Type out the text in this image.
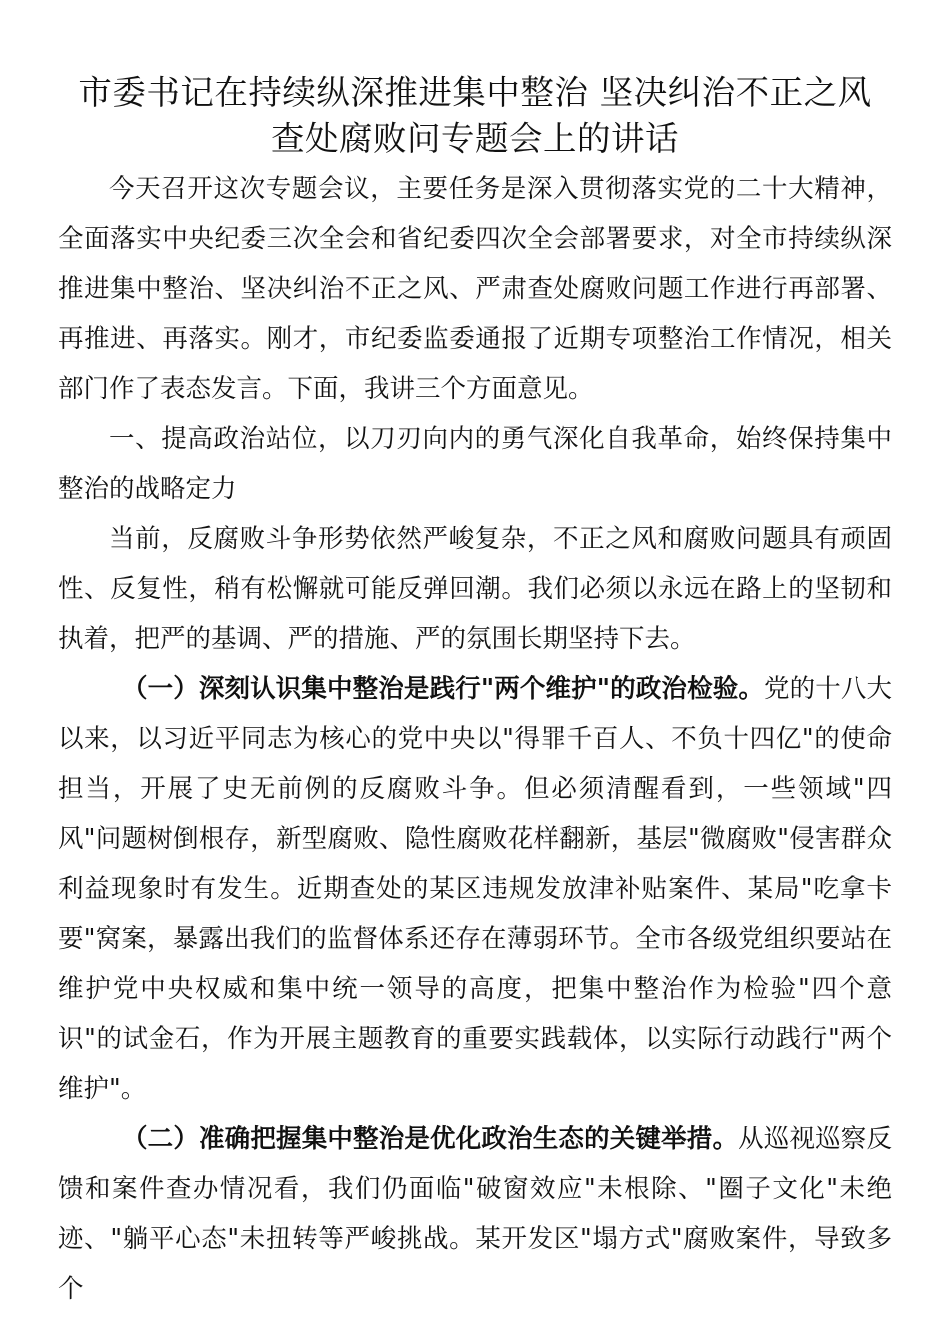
市委书记在持续纵深推进集中整治 坚决纠治不正之风
查处腐败问专题会上的讲话

今天召开这次专题会议，主要任务是深入贯彻落实党的二十大精神，全面落实中央纪委三次全会和省纪委四次全会部署要求，对全市持续纵深推进集中整治、坚决纠治不正之风、严肃查处腐败问题工作进行再部署、再推进、再落实。刚才，市纪委监委通报了近期专项整治工作情况，相关部门作了表态发言。下面，我讲三个方面意见。

一、提高政治站位，以刀刃向内的勇气深化自我革命，始终保持集中整治的战略定力

当前，反腐败斗争形势依然严峻复杂，不正之风和腐败问题具有顽固性、反复性，稍有松懈就可能反弹回潮。我们必须以永远在路上的坚韧和执着，把严的基调、严的措施、严的氛围长期坚持下去。

（一）深刻认识集中整治是践行"两个维护"的政治检验。党的十八大以来，以习近平同志为核心的党中央以"得罪千百人、不负十四亿"的使命担当，开展了史无前例的反腐败斗争。但必须清醒看到，一些领域"四风"问题树倒根存，新型腐败、隐性腐败花样翻新，基层"微腐败"侵害群众利益现象时有发生。近期查处的某区违规发放津补贴案件、某局"吃拿卡要"窝案，暴露出我们的监督体系还存在薄弱环节。全市各级党组织要站在维护党中央权威和集中统一领导的高度，把集中整治作为检验"四个意识"的试金石，作为开展主题教育的重要实践载体，以实际行动践行"两个维护"。

（二）准确把握集中整治是优化政治生态的关键举措。从巡视巡察反馈和案件查办情况看，我们仍面临"破窗效应"未根除、"圈子文化"未绝迹、"躺平心态"未扭转等严峻挑战。某开发区"塌方式"腐败案件，导致多个
